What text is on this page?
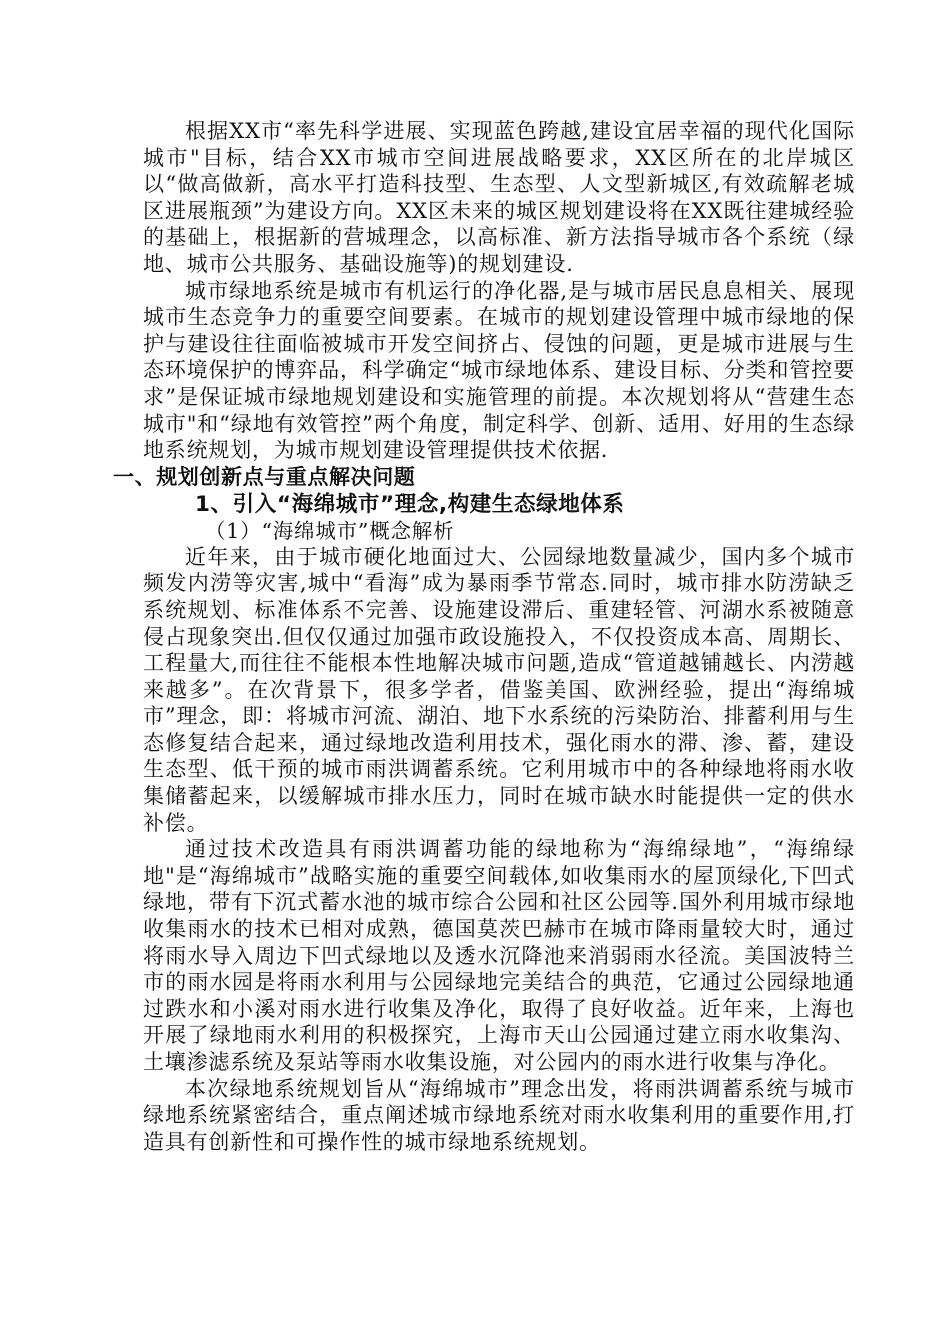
根据XX市“率先科学进展、实现蓝色跨越,建设宜居幸福的现代化国际城市"目标，结合XX市城市空间进展战略要求，XX区所在的北岸城区以“做高做新，高水平打造科技型、生态型、人文型新城区,有效疏解老城区进展瓶颈”为建设方向。XX区未来的城区规划建设将在XX既往建城经验的基础上，根据新的营城理念，以高标准、新方法指导城市各个系统（绿地、城市公共服务、基础设施等)的规划建设.

城市绿地系统是城市有机运行的净化器,是与城市居民息息相关、展现城市生态竞争力的重要空间要素。在城市的规划建设管理中城市绿地的保护与建设往往面临被城市开发空间挤占、侵蚀的问题，更是城市进展与生态环境保护的博弈品，科学确定“城市绿地体系、建设目标、分类和管控要求”是保证城市绿地规划建设和实施管理的前提。本次规划将从“营建生态城市"和“绿地有效管控”两个角度，制定科学、创新、适用、好用的生态绿地系统规划，为城市规划建设管理提供技术依据.

一、规划创新点与重点解决问题

1、引入“海绵城市”理念,构建生态绿地体系

（1）“海绵城市”概念解析

近年来，由于城市硬化地面过大、公园绿地数量减少，国内多个城市频发内涝等灾害,城中“看海”成为暴雨季节常态.同时，城市排水防涝缺乏系统规划、标准体系不完善、设施建设滞后、重建轻管、河湖水系被随意侵占现象突出.但仅仅通过加强市政设施投入，不仅投资成本高、周期长、工程量大,而往往不能根本性地解决城市问题,造成“管道越铺越长、内涝越来越多”。在次背景下，很多学者，借鉴美国、欧洲经验，提出“海绵城市”理念，即：将城市河流、湖泊、地下水系统的污染防治、排蓄利用与生态修复结合起来，通过绿地改造利用技术，强化雨水的滞、渗、蓄，建设生态型、低干预的城市雨洪调蓄系统。它利用城市中的各种绿地将雨水收集储蓄起来，以缓解城市排水压力，同时在城市缺水时能提供一定的供水补偿。

通过技术改造具有雨洪调蓄功能的绿地称为“海绵绿地”，“海绵绿地"是“海绵城市”战略实施的重要空间载体,如收集雨水的屋顶绿化,下凹式绿地，带有下沉式蓄水池的城市综合公园和社区公园等.国外利用城市绿地收集雨水的技术已相对成熟，德国莫茨巴赫市在城市降雨量较大时，通过将雨水导入周边下凹式绿地以及透水沉降池来消弱雨水径流。美国波特兰市的雨水园是将雨水利用与公园绿地完美结合的典范，它通过公园绿地通过跌水和小溪对雨水进行收集及净化，取得了良好收益。近年来，上海也开展了绿地雨水利用的积极探究，上海市天山公园通过建立雨水收集沟、土壤渗滤系统及泵站等雨水收集设施，对公园内的雨水进行收集与净化。

本次绿地系统规划旨从“海绵城市”理念出发，将雨洪调蓄系统与城市绿地系统紧密结合，重点阐述城市绿地系统对雨水收集利用的重要作用,打造具有创新性和可操作性的城市绿地系统规划。
